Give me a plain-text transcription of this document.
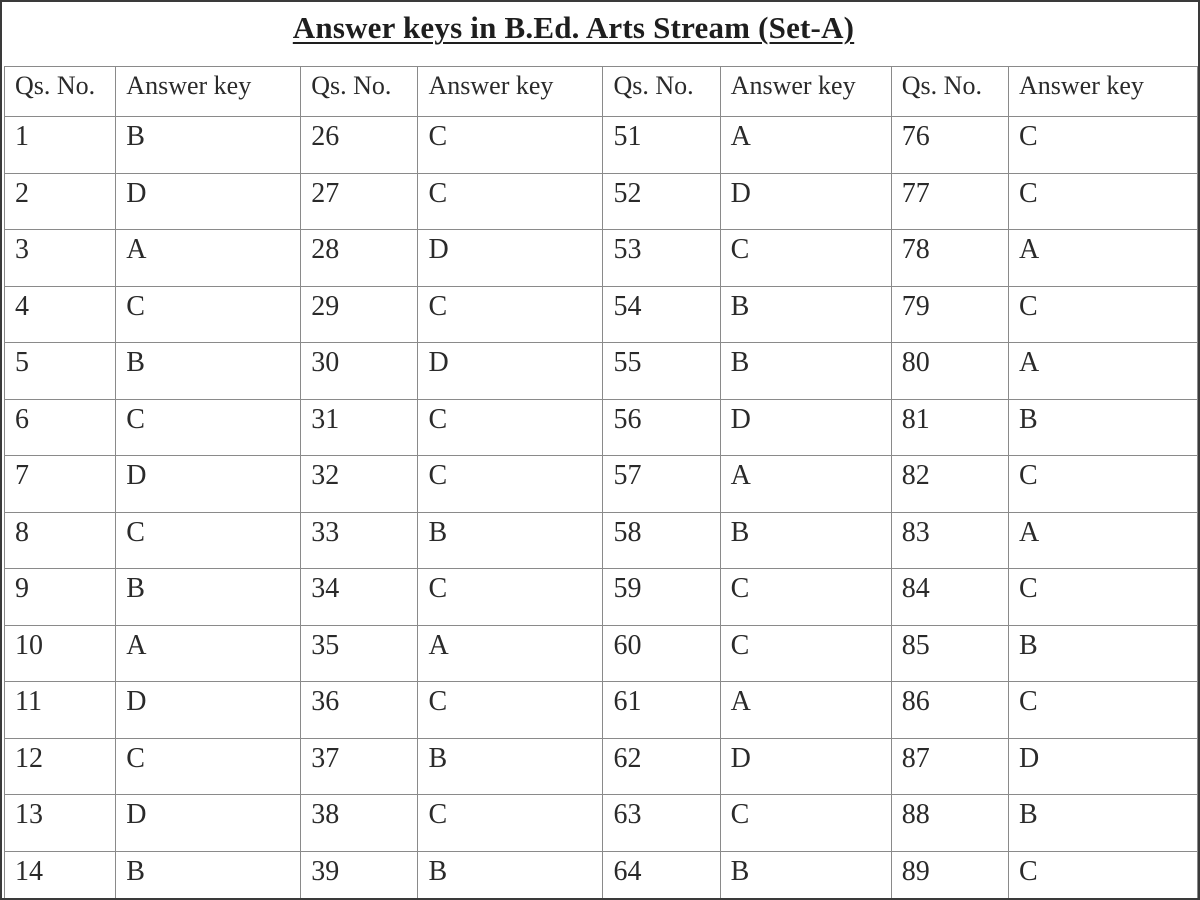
Answer keys in B.Ed. Arts Stream (Set-A)
Qs. No.	Answer key	Qs. No.	Answer key	Qs. No.	Answer key	Qs. No.	Answer key
1	B	26	C	51	A	76	C
2	D	27	C	52	D	77	C
3	A	28	D	53	C	78	A
4	C	29	C	54	B	79	C
5	B	30	D	55	B	80	A
6	C	31	C	56	D	81	B
7	D	32	C	57	A	82	C
8	C	33	B	58	B	83	A
9	B	34	C	59	C	84	C
10	A	35	A	60	C	85	B
11	D	36	C	61	A	86	C
12	C	37	B	62	D	87	D
13	D	38	C	63	C	88	B
14	B	39	B	64	B	89	C
